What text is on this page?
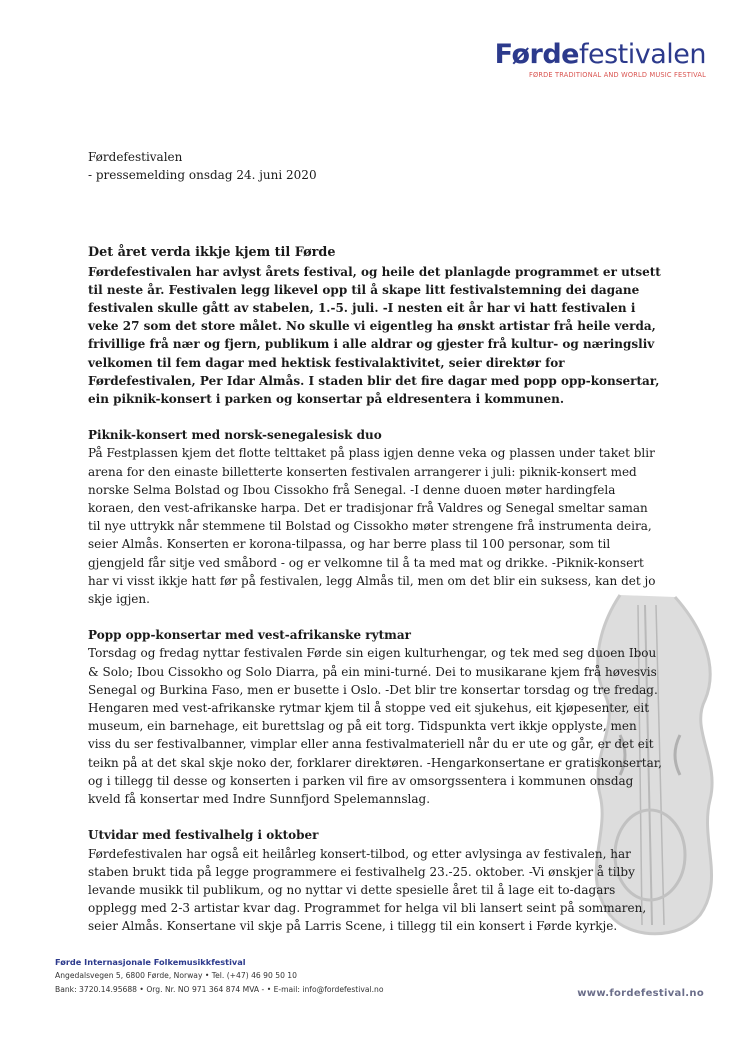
Førdefestivalen
FØRDE TRADITIONAL AND WORLD MUSIC FESTIVAL

Førdefestivalen

- pressemelding onsdag 24. juni 2020

Det året verda ikkje kjem til Førde

Førdefestivalen har avlyst årets festival, og heile det planlagde programmet er utsett til neste år. Festivalen legg likevel opp til å skape litt festivalstemning dei dagane festivalen skulle gått av stabelen, 1.-5. juli. -I nesten eit år har vi hatt festivalen i veke 27 som det store målet. No skulle vi eigentleg ha ønskt artistar frå heile verda, frivillige frå nær og fjern, publikum i alle aldrar og gjester frå kultur- og næringsliv velkomen til fem dagar med hektisk festivalaktivitet, seier direktør for Førdefestivalen, Per Idar Almås. I staden blir det fire dagar med popp opp-konsertar, ein piknik-konsert i parken og konsertar på eldresentera i kommunen.

Piknik-konsert med norsk-senegalesisk duo

På Festplassen kjem det flotte telttaket på plass igjen denne veka og plassen under taket blir arena for den einaste billetterte konserten festivalen arrangerer i juli: piknik-konsert med norske Selma Bolstad og Ibou Cissokho frå Senegal. -I denne duoen møter hardingfela koraen, den vest-afrikanske harpa. Det er tradisjonar frå Valdres og Senegal smeltar saman til nye uttrykk når stemmene til Bolstad og Cissokho møter strengene frå instrumenta deira, seier Almås. Konserten er korona-tilpassa, og har berre plass til 100 personar, som til gjengjeld får sitje ved småbord - og er velkomne til å ta med mat og drikke. -Piknik-konsert har vi visst ikkje hatt før på festivalen, legg Almås til, men om det blir ein suksess, kan det jo skje igjen.

Popp opp-konsertar med vest-afrikanske rytmar

Torsdag og fredag nyttar festivalen Førde sin eigen kulturhengar, og tek med seg duoen Ibou & Solo; Ibou Cissokho og Solo Diarra, på ein mini-turné. Dei to musikarane kjem frå høvesvis Senegal og Burkina Faso, men er busette i Oslo. -Det blir tre konsertar torsdag og tre fredag. Hengaren med vest-afrikanske rytmar kjem til å stoppe ved eit sjukehus, eit kjøpesenter, eit museum, ein barnehage, eit burettslag og på eit torg. Tidspunkta vert ikkje opplyste, men viss du ser festivalbanner, vimplar eller anna festivalmateriell når du er ute og går, er det eit teikn på at det skal skje noko der, forklarer direktøren. -Hengarkonsertane er gratiskonsertar, og i tillegg til desse og konserten i parken vil fire av omsorgssentera i kommunen onsdag kveld få konsertar med Indre Sunnfjord Spelemannslag.

Utvidar med festivalhelg i oktober

Førdefestivalen har også eit heilårleg konsert-tilbod, og etter avlysinga av festivalen, har staben brukt tida på legge programmere ei festivalhelg 23.-25. oktober. -Vi ønskjer å tilby levande musikk til publikum, og no nyttar vi dette spesielle året til å lage eit to-dagars opplegg med 2-3 artistar kvar dag. Programmet for helga vil bli lansert seint på sommaren, seier Almås. Konsertane vil skje på Larris Scene, i tillegg til ein konsert i Førde kyrkje.

Førde Internasjonale Folkemusikkfestival
Angedalsvegen 5, 6800 Førde, Norway • Tel. (+47) 46 90 50 10
Bank: 3720.14.95688 • Org. Nr. NO 971 364 874 MVA - • E-mail: info@fordefestival.no	www.fordefestival.no
